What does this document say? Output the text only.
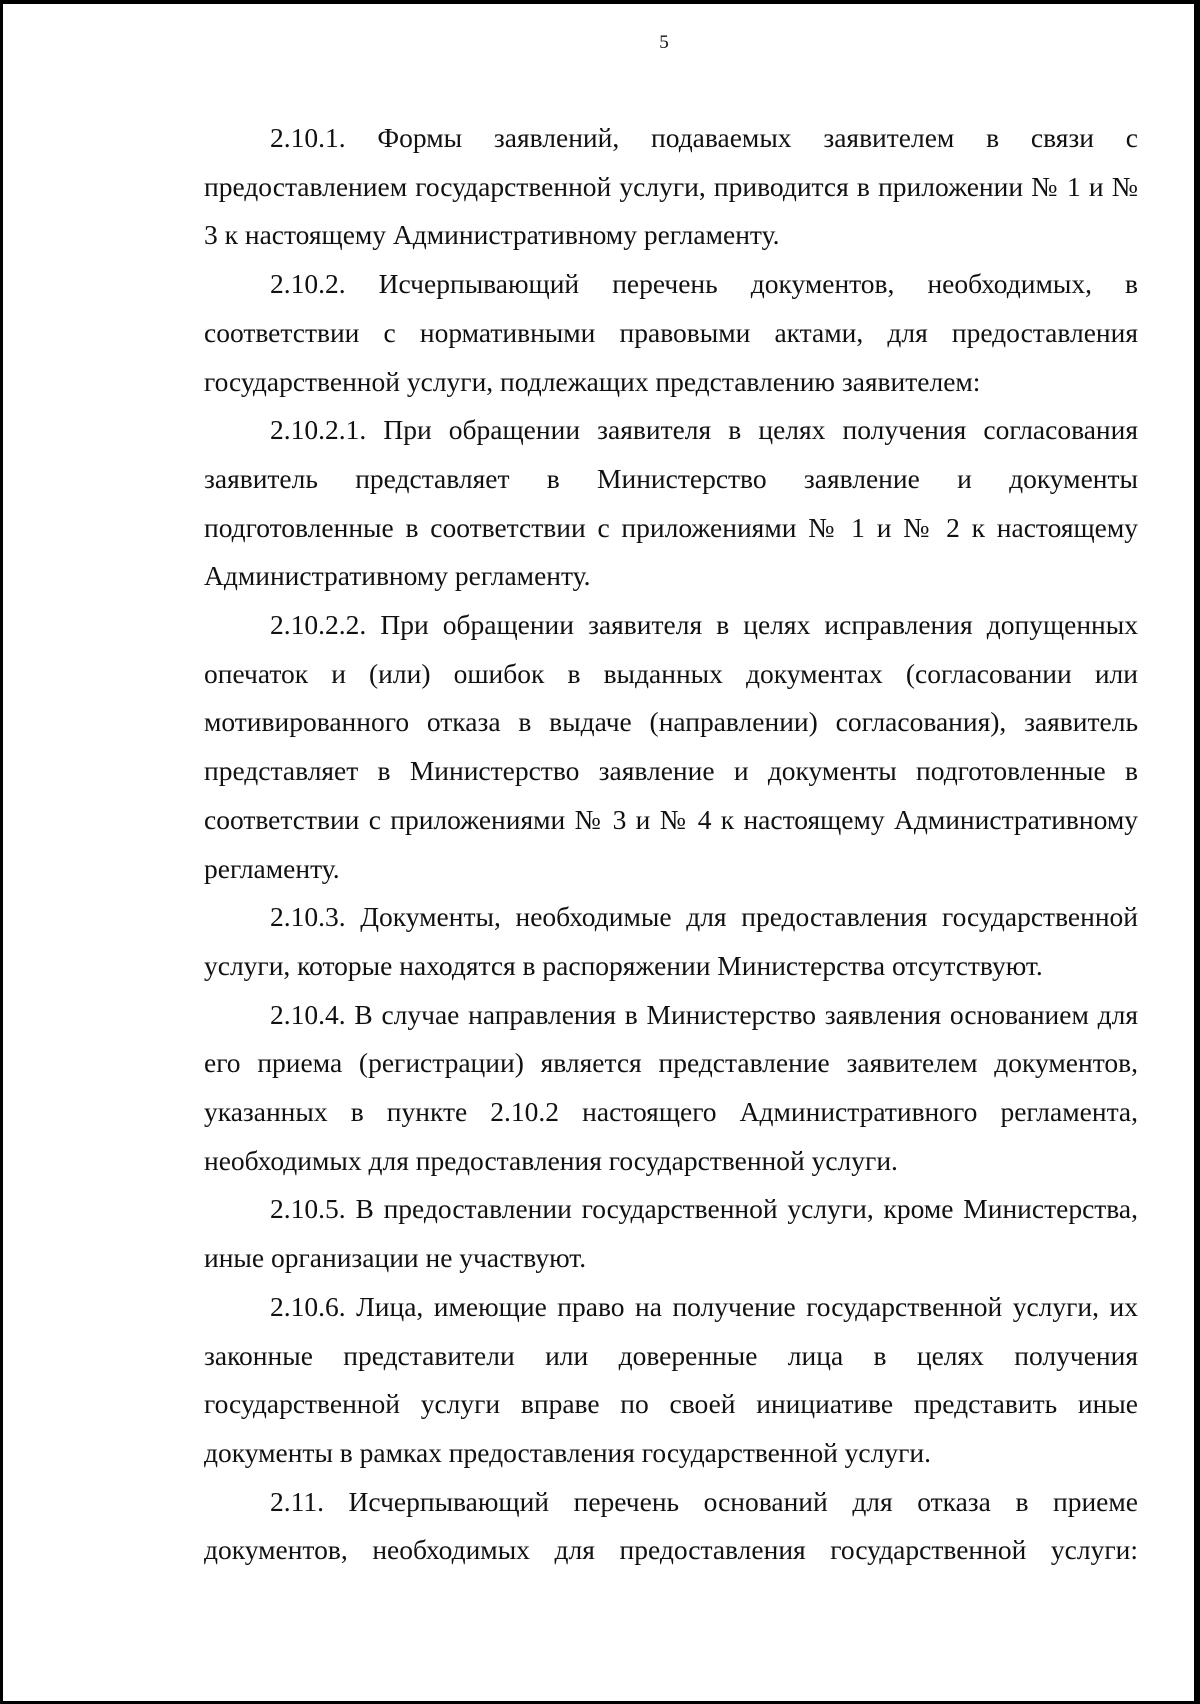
5

2.10.1. Формы заявлений, подаваемых заявителем в связи с предоставлением государственной услуги, приводится в приложении № 1 и № 3 к настоящему Административному регламенту.

2.10.2. Исчерпывающий перечень документов, необходимых, в соответствии с нормативными правовыми актами, для предоставления государственной услуги, подлежащих представлению заявителем:

2.10.2.1. При обращении заявителя в целях получения согласования заявитель представляет в Министерство заявление и документы подготовленные в соответствии с приложениями № 1 и № 2 к настоящему Административному регламенту.

2.10.2.2. При обращении заявителя в целях исправления допущенных опечаток и (или) ошибок в выданных документах (согласовании или мотивированного отказа в выдаче (направлении) согласования), заявитель представляет в Министерство заявление и документы подготовленные в соответствии с приложениями № 3 и № 4 к настоящему Административному регламенту.

2.10.3. Документы, необходимые для предоставления государственной услуги, которые находятся в распоряжении Министерства отсутствуют.

2.10.4. В случае направления в Министерство заявления основанием для его приема (регистрации) является представление заявителем документов, указанных в пункте 2.10.2 настоящего Административного регламента, необходимых для предоставления государственной услуги.

2.10.5. В предоставлении государственной услуги, кроме Министерства, иные организации не участвуют.

2.10.6. Лица, имеющие право на получение государственной услуги, их законные представители или доверенные лица в целях получения государственной услуги вправе по своей инициативе представить иные документы в рамках предоставления государственной услуги.

2.11. Исчерпывающий перечень оснований для отказа в приеме документов, необходимых для предоставления государственной услуги:
